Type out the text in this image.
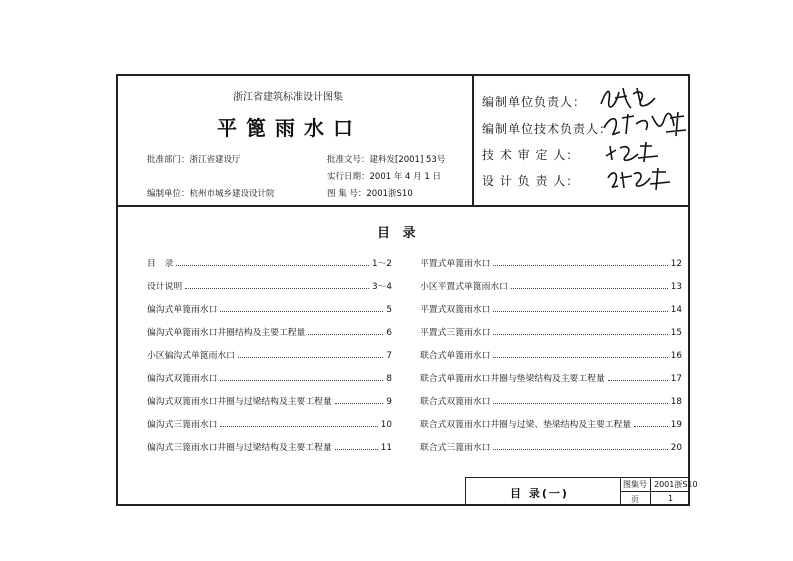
浙江省建筑标准设计图集
平篦雨水口
批准部门：浙江省建设厅	批准文号：建科发[2001] 53号
实行日期：2001 年 4 月 1 日
编制单位：杭州市城乡建设设计院	图 集 号：2001浙S10
编制单位负责人：
编制单位技术负责人：
技 术 审 定 人：
设 计 负 责 人：
目 录
目　录	1～2
设计说明	3～4
偏沟式单篦雨水口	5
偏沟式单篦雨水口井圈结构及主要工程量	6
小区偏沟式单篦雨水口	7
偏沟式双篦雨水口	8
偏沟式双篦雨水口井圈与过梁结构及主要工程量	9
偏沟式三篦雨水口	10
偏沟式三篦雨水口井圈与过梁结构及主要工程量	11
平置式单篦雨水口	12
小区平置式单篦雨水口	13
平置式双篦雨水口	14
平置式三篦雨水口	15
联合式单篦雨水口	16
联合式单篦雨水口井圈与垫梁结构及主要工程量	17
联合式双篦雨水口	18
联合式双篦雨水口井圈与过梁、垫梁结构及主要工程量	19
联合式三篦雨水口	20
目 录(一)
图集号 2001浙S10
页	1
